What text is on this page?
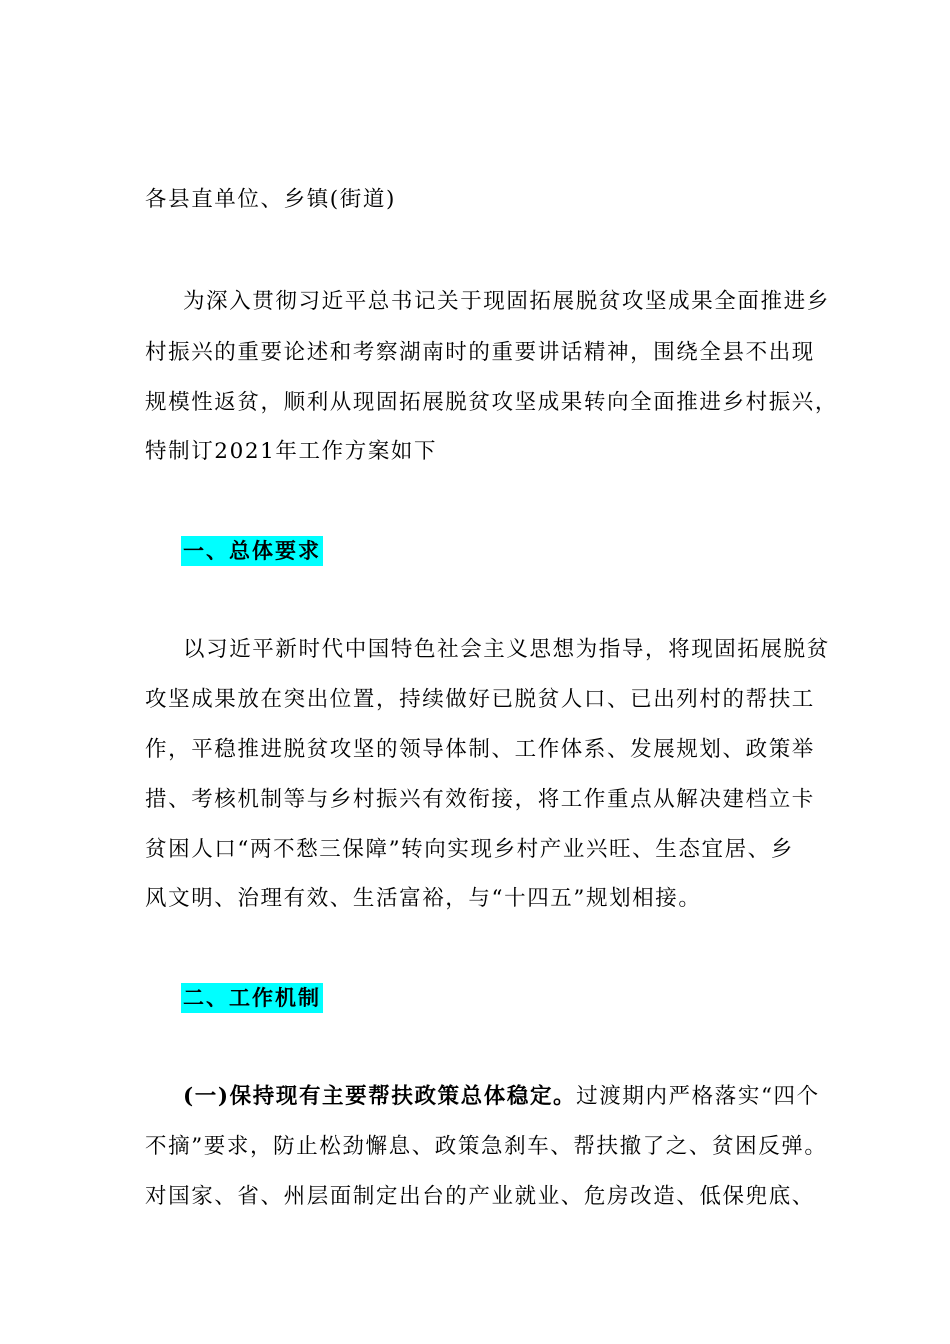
各县直单位、乡镇(街道)
为深入贯彻习近平总书记关于现固拓展脱贫攻坚成果全面推进乡
村振兴的重要论述和考察湖南时的重要讲话精神，围绕全县不出现
规模性返贫，顺利从现固拓展脱贫攻坚成果转向全面推进乡村振兴，
特制订2021年工作方案如下
一、总体要求
以习近平新时代中国特色社会主义思想为指导，将现固拓展脱贫
攻坚成果放在突出位置，持续做好已脱贫人口、已出列村的帮扶工
作，平稳推进脱贫攻坚的领导体制、工作体系、发展规划、政策举
措、考核机制等与乡村振兴有效衔接，将工作重点从解决建档立卡
贫困人口“两不愁三保障”转向实现乡村产业兴旺、生态宜居、乡
风文明、治理有效、生活富裕，与“十四五”规划相接。
二、工作机制
(一)保持现有主要帮扶政策总体稳定。过渡期内严格落实“四个
不摘”要求，防止松劲懈息、政策急刹车、帮扶撤了之、贫困反弹。
对国家、省、州层面制定出台的产业就业、危房改造、低保兜底、
